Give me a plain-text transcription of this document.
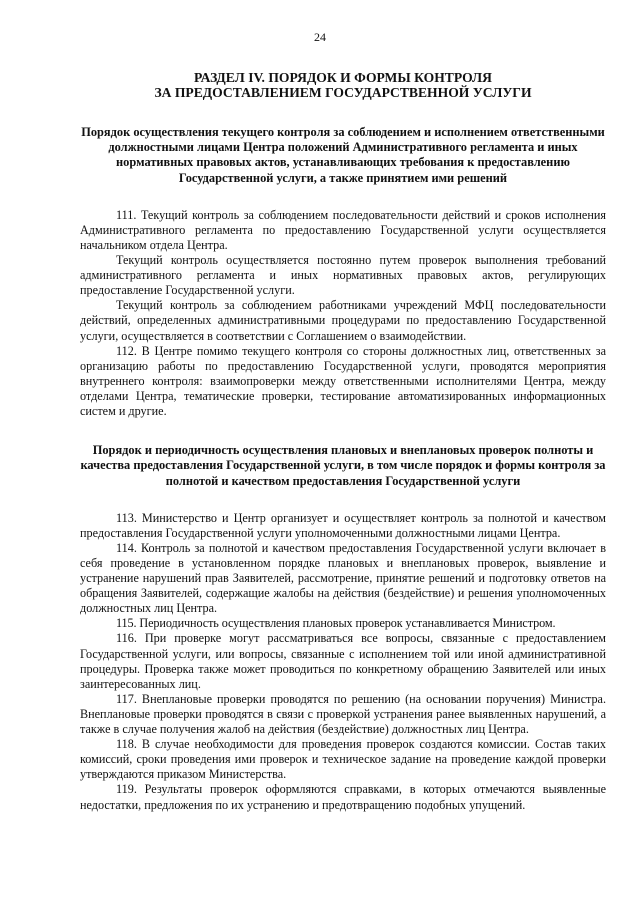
24
РАЗДЕЛ IV. ПОРЯДОК И ФОРМЫ КОНТРОЛЯ
ЗА ПРЕДОСТАВЛЕНИЕМ ГОСУДАРСТВЕННОЙ УСЛУГИ
Порядок осуществления текущего контроля за соблюдением и исполнением ответственными должностными лицами Центра положений Административного регламента и иных нормативных правовых актов, устанавливающих требования к предоставлению Государственной услуги, а также принятием ими решений

111. Текущий контроль за соблюдением последовательности действий и сроков исполнения Административного регламента по предоставлению Государственной услуги осуществляется начальником отдела Центра.

Текущий контроль осуществляется постоянно путем проверок выполнения требований административного регламента и иных нормативных правовых актов, регулирующих предоставление Государственной услуги.

Текущий контроль за соблюдением работниками учреждений МФЦ последовательности действий, определенных административными процедурами по предоставлению Государственной услуги, осуществляется в соответствии с Соглашением о взаимодействии.

112. В Центре помимо текущего контроля со стороны должностных лиц, ответственных за организацию работы по предоставлению Государственной услуги, проводятся мероприятия внутреннего контроля: взаимопроверки между ответственными исполнителями Центра, между отделами Центра, тематические проверки, тестирование автоматизированных информационных систем и другие.

Порядок и периодичность осуществления плановых и внеплановых проверок полноты и качества предоставления Государственной услуги, в том числе порядок и формы контроля за полнотой и качеством предоставления Государственной услуги

113. Министерство и Центр организует и осуществляет контроль за полнотой и качеством предоставления Государственной услуги уполномоченными должностными лицами Центра.

114. Контроль за полнотой и качеством предоставления Государственной услуги включает в себя проведение в установленном порядке плановых и внеплановых проверок, выявление и устранение нарушений прав Заявителей, рассмотрение, принятие решений и подготовку ответов на обращения Заявителей, содержащие жалобы на действия (бездействие) и решения уполномоченных должностных лиц Центра.

115. Периодичность осуществления плановых проверок устанавливается Министром.

116. При проверке могут рассматриваться все вопросы, связанные с предоставлением Государственной услуги, или вопросы, связанные с исполнением той или иной административной процедуры. Проверка также может проводиться по конкретному обращению Заявителей или иных заинтересованных лиц.

117. Внеплановые проверки проводятся по решению (на основании поручения) Министра. Внеплановые проверки проводятся в связи с проверкой устранения ранее выявленных нарушений, а также в случае получения жалоб на действия (бездействие) должностных лиц Центра.

118. В случае необходимости для проведения проверок создаются комиссии. Состав таких комиссий, сроки проведения ими проверок и техническое задание на проведение каждой проверки утверждаются приказом Министерства.

119. Результаты проверок оформляются справками, в которых отмечаются выявленные недостатки, предложения по их устранению и предотвращению подобных упущений.
